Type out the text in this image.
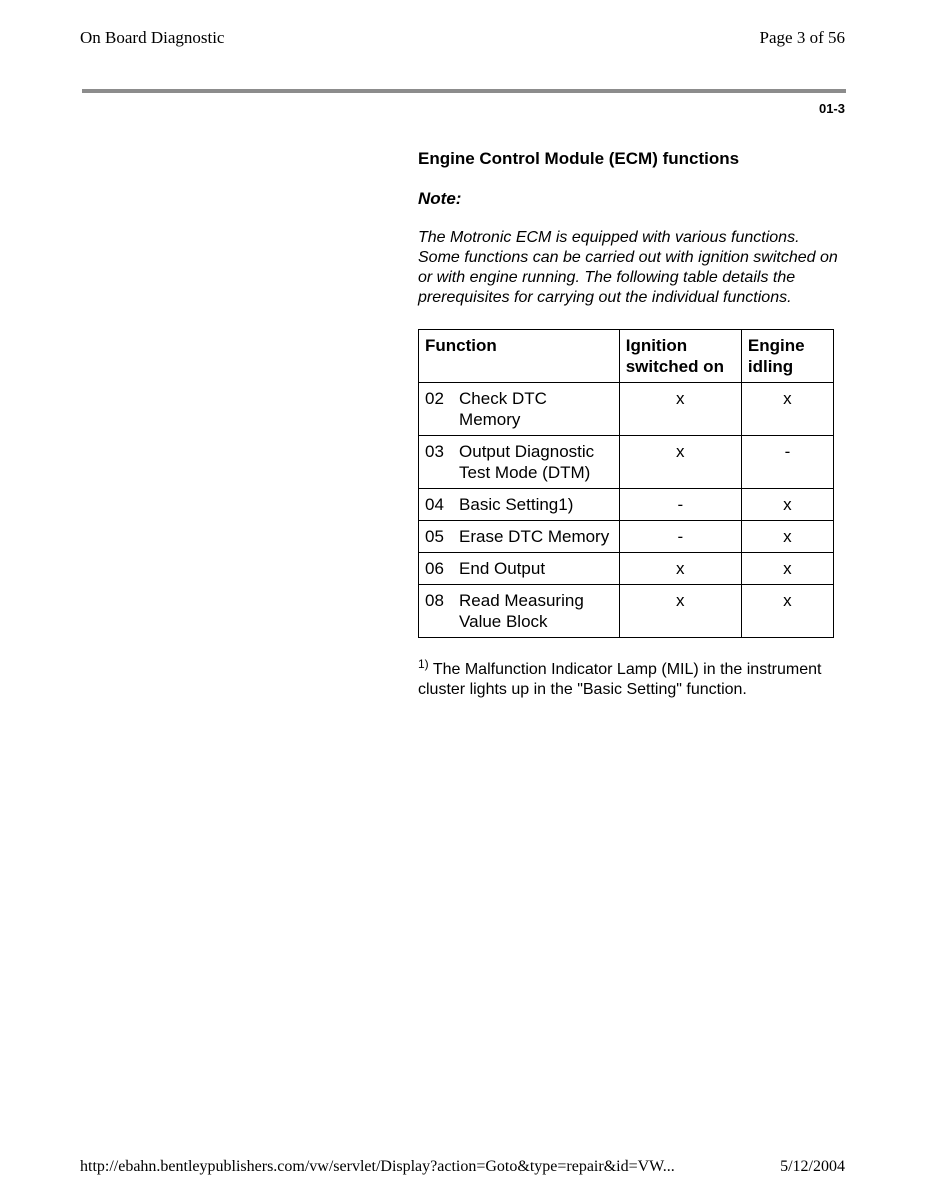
On Board Diagnostic	Page 3 of 56
01-3

Engine Control Module (ECM) functions

Note:

The Motronic ECM is equipped with various functions. Some functions can be carried out with ignition switched on or with engine running. The following table details the prerequisites for carrying out the individual functions.

Function		Ignition switched on	Engine idling
02	Check DTC Memory	x	x
03	Output Diagnostic Test Mode (DTM)	x	-
04	Basic Setting1)	-	x
05	Erase DTC Memory	-	x
06	End Output	x	x
08	Read Measuring Value Block	x	x
$^{1)}$ The Malfunction Indicator Lamp (MIL) in the instrument cluster lights up in the "Basic Setting" function.
http://ebahn.bentleypublishers.com/vw/servlet/Display?action=Goto&type=repair&id=VW...	5/12/2004
